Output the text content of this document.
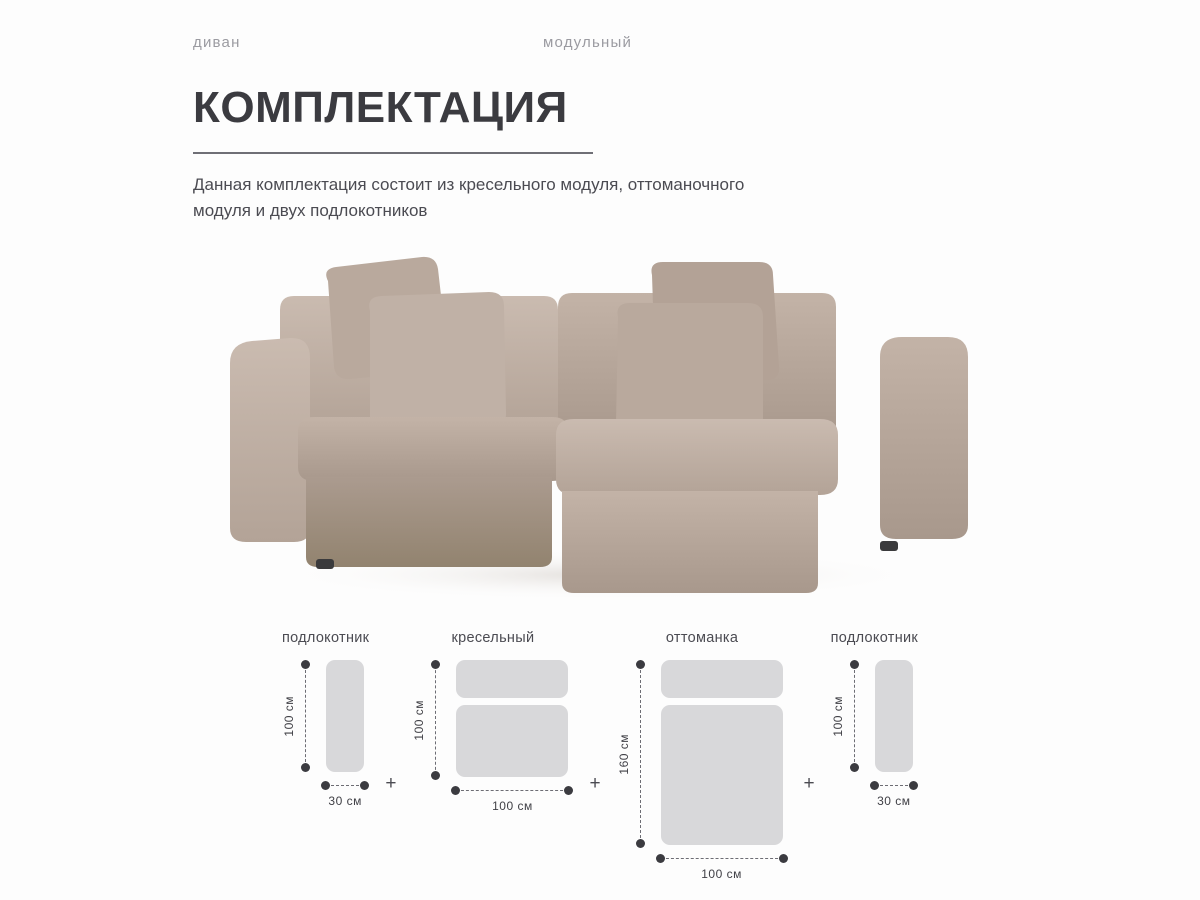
диван	модульный
КОМПЛЕКТАЦИЯ

Данная комплектация состоит из кресельного модуля, оттоманочного модуля и двух подлокотников

подлокотник
100 см
30 см
+
кресельный
100 см
100 см
+
оттоманка
160 см
100 см
+
подлокотник
100 см
30 см
